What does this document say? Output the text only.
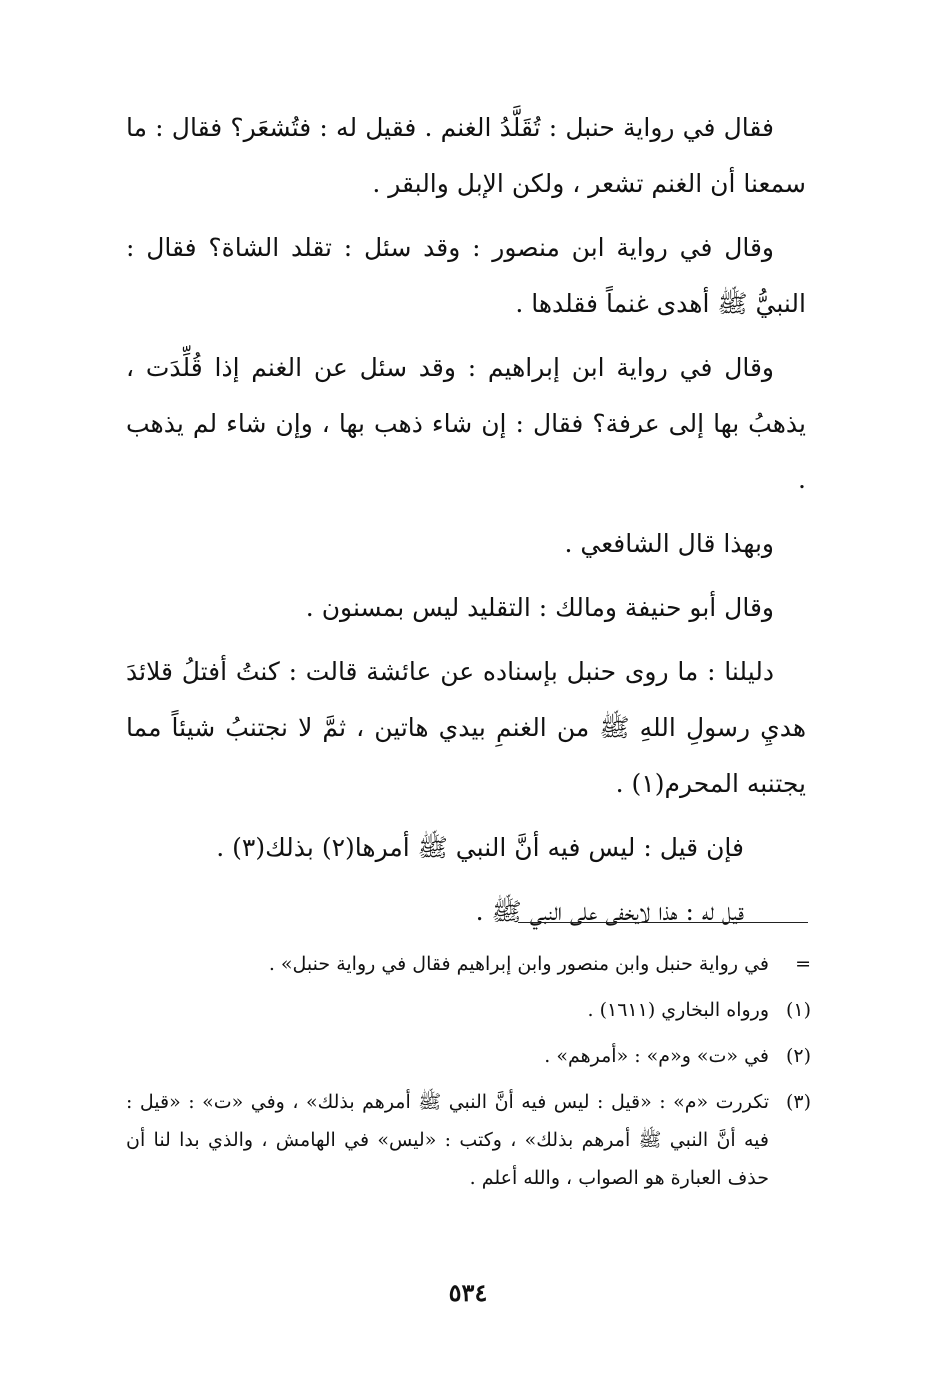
فقال في رواية حنبل : تُقَلَّدُ الغنم . فقيل له : فتُشعَر؟ فقال : ما سمعنا أن الغنم تشعر ، ولكن الإبل والبقر .

وقال في رواية ابن منصور : وقد سئل : تقلد الشاة؟ فقال : النبيُّ ﷺ أهدى غنماً فقلدها .

وقال في رواية ابن إبراهيم : وقد سئل عن الغنم إذا قُلِّدَت ، يذهبُ بها إلى عرفة؟ فقال : إن شاء ذهب بها ، وإن شاء لم يذهب .

وبهذا قال الشافعي .

وقال أبو حنيفة ومالك : التقليد ليس بمسنون .

دليلنا : ما روى حنبل بإسناده عن عائشة قالت : كنتُ أفتلُ قلائدَ هديِ رسولِ اللهِ ﷺ من الغنمِ بيدي هاتين ، ثمَّ لا نجتنبُ شيئاً مما يجتنبه المحرم(١) .

فإن قيل : ليس فيه أنَّ النبي ﷺ أمرها(٢) بذلك(٣) .

قيل له : هذا لايخفى على النبي ﷺ .

=
في رواية حنبل وابن منصور وابن إبراهيم فقال في رواية حنبل» .
(١)
ورواه البخاري (١٦١١) .
(٢)
في «ت» و«م» : «أمرهم» .
(٣)
تكررت «م» : «قيل : ليس فيه أنَّ النبي ﷺ أمرهم بذلك» ، وفي «ت» : «قيل : فيه أنَّ النبي ﷺ أمرهم بذلك» ، وكتب : «ليس» في الهامش ، والذي بدا لنا أن حذف العبارة هو الصواب ، والله أعلم .
٥٣٤
